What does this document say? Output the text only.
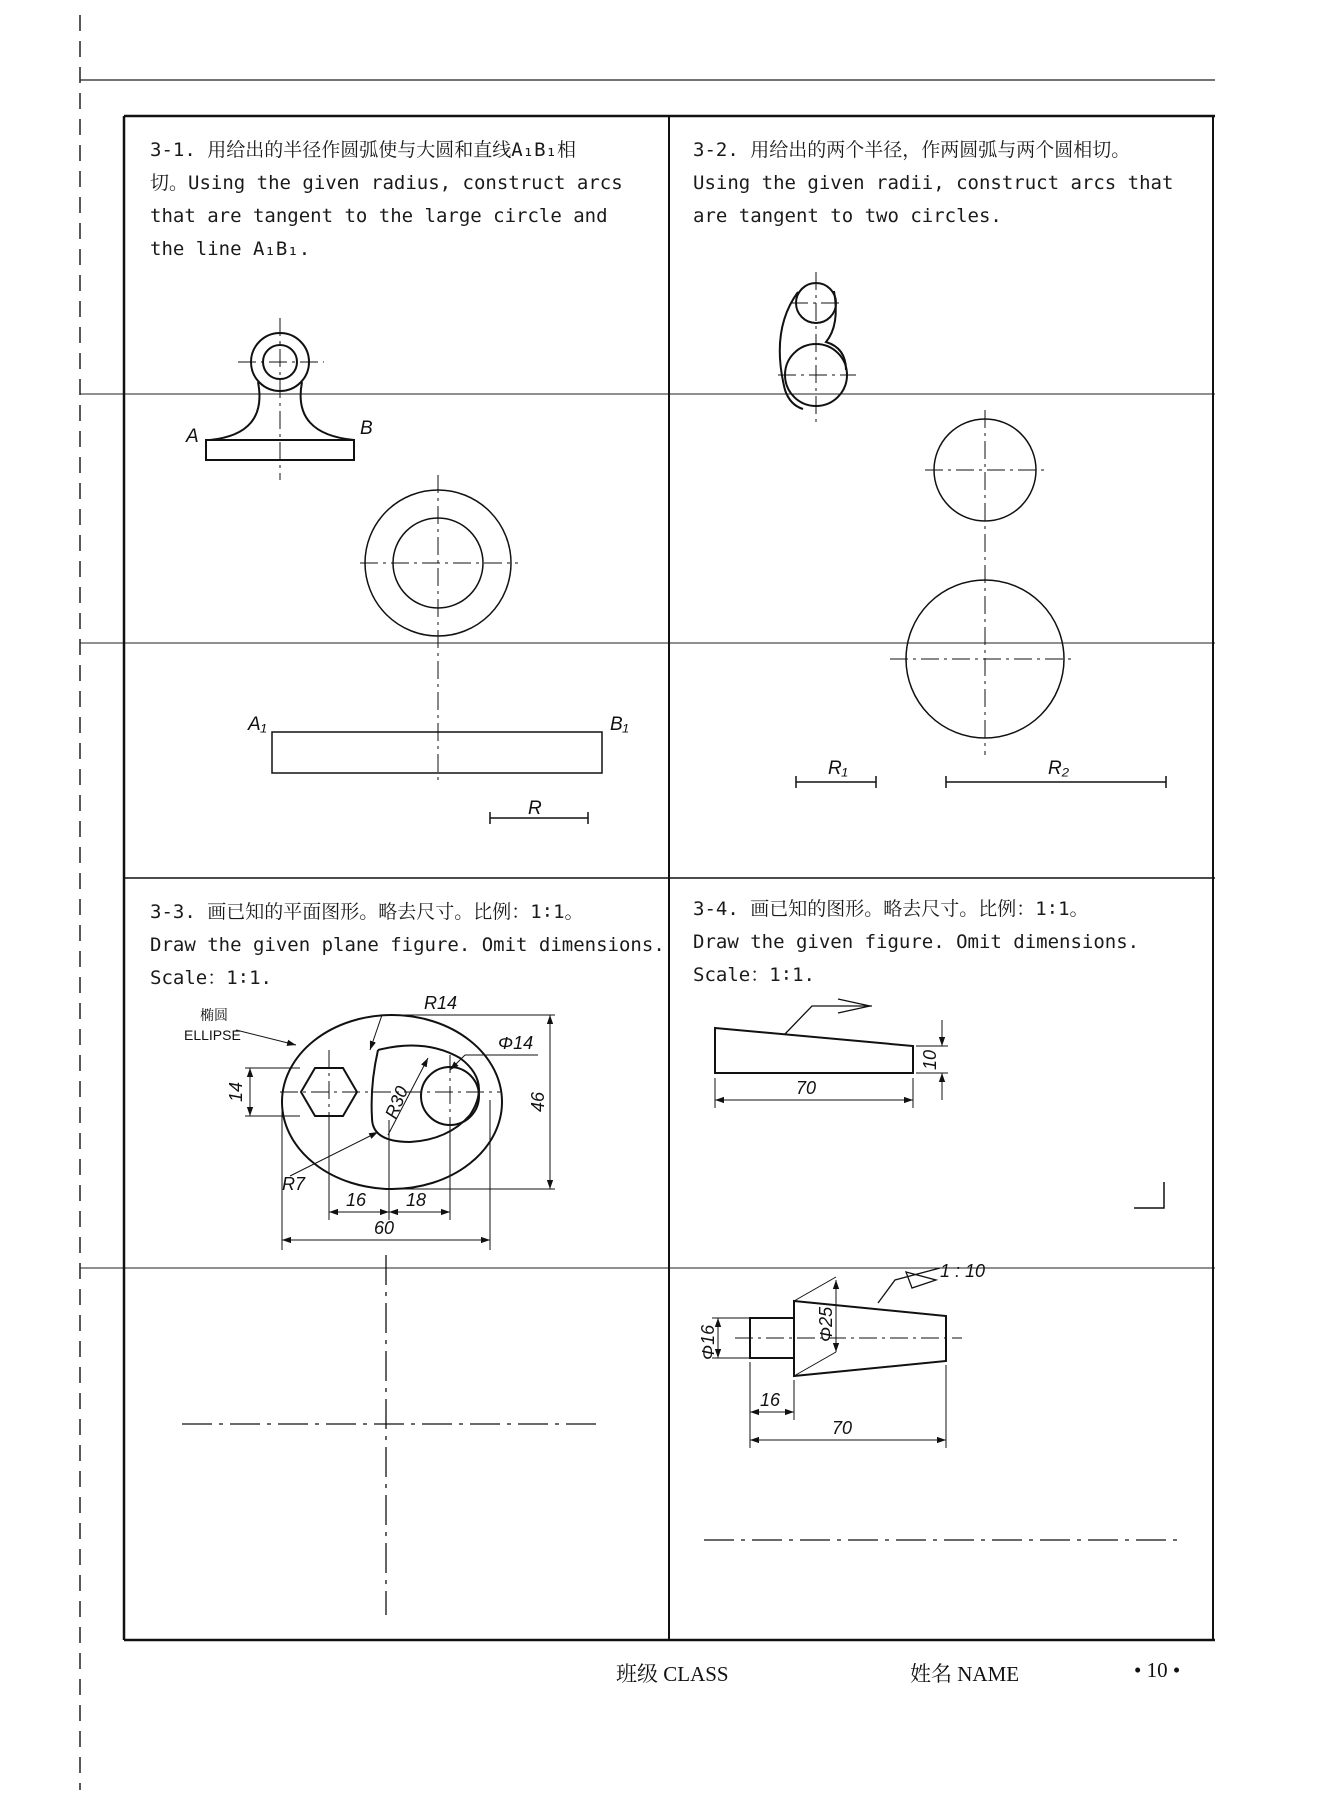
A	B
A₁	B₁
R
R₁	R₂
椭圆
ELLIPSE
R14
Φ14
R30
14	46
R7
16 18
60
10
70
1 : 10
Φ16
Φ25
16
70
3-1. 用给出的半径作圆弧使与大圆和直线A₁B₁相
切。Using the given radius, construct arcs
that are tangent to the large circle and
the line A₁B₁.
3-2. 用给出的两个半径，作两圆弧与两个圆相切。
Using the given radii, construct arcs that
are tangent to two circles.
3-3. 画已知的平面图形。略去尺寸。比例：1∶1。
Draw the given plane figure. Omit dimensions.
Scale：1∶1.
3-4. 画已知的图形。略去尺寸。比例：1∶1。
Draw the given figure. Omit dimensions.
Scale：1∶1.
班级 CLASS	姓名 NAME	• 10 •
